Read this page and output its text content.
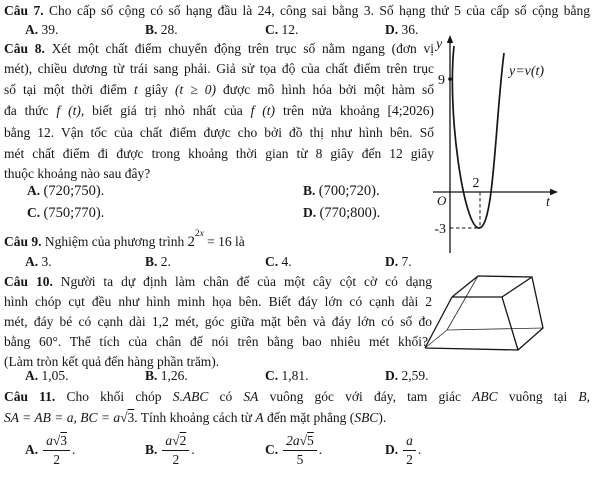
Câu 7. Cho cấp số cộng có số hạng đầu là 24, công sai bằng 3. Số hạng thứ 5 của cấp số cộng bằng
A. 39.	B. 28.	C. 12.	D. 36.
Câu 8. Xét một chất điểm chuyển động trên trục số nằm ngang (đơn vị
mét), chiều dương từ trái sang phải. Giả sử tọa độ của chất điểm trên trục
số tại một thời điểm t giây (t ≥ 0) được mô hình hóa bởi một hàm số
đa thức f (t), biết giá trị nhỏ nhất của f (t) trên nửa khoảng [4;2026)
bằng 12. Vận tốc của chất điểm được cho bởi đồ thị như hình bên. Số
mét chất điểm đi được trong khoảng thời gian từ 8 giây đến 12 giây
thuộc khoảng nào sau đây?
A. (720;750).	B. (700;720).
C. (750;770).	D. (770;800).
Câu 9. Nghiệm của phương trình $2^{2x} = 16$ là
A. 3.	B. 2.	C. 4.	D. 7.
Câu 10. Người ta dự định làm chân đế của một cây cột cờ có dạng
hình chóp cụt đều như hình minh họa bên. Biết đáy lớn có cạnh dài 2
mét, đáy bé có cạnh dài 1,2 mét, góc giữa mặt bên và đáy lớn có số đo
bằng 60°. Thể tích của chân đế nói trên bằng bao nhiêu mét khối?
(Làm tròn kết quả đến hàng phần trăm).
A. 1,05.	B. 1,26.	C. 1,81.	D. 2,59.
Câu 11. Cho khối chóp S.ABC có SA vuông góc với đáy, tam giác ABC vuông tại B,
SA = AB = a, BC = a√3. Tính khoảng cách từ A đến mặt phẳng (SBC).
A. $\frac{a√3}{2}$ .	B. $\frac{a√2}{2}$ .	C. $\frac{2a√5}{5}$ .	D. $\frac{a}{2}$ .
y
t
O
9
2
-3
y=v(t)
